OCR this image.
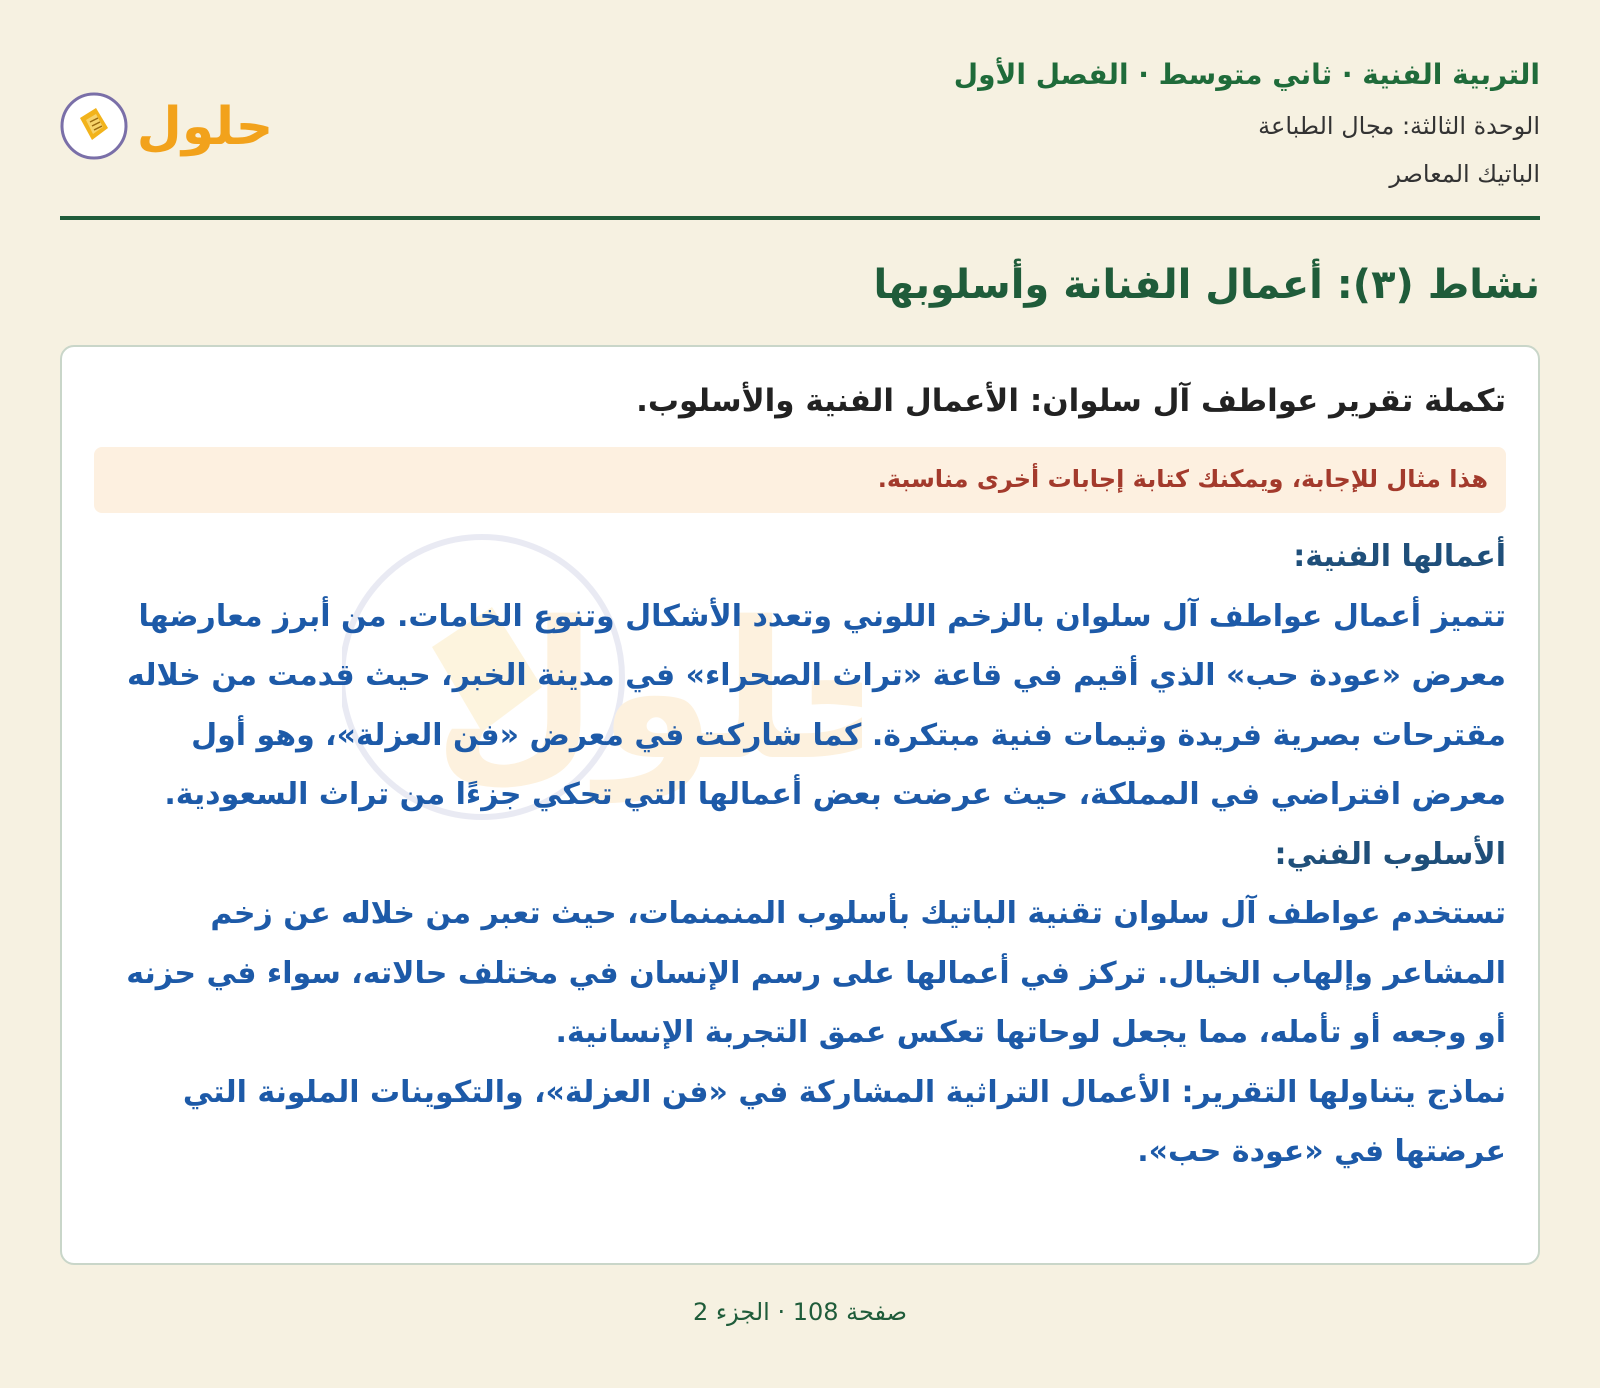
التربية الفنية · ثاني متوسط · الفصل الأول
الوحدة الثالثة: مجال الطباعة
الباتيك المعاصر
حلول
نشاط (٣): أعمال الفنانة وأسلوبها
لول
تكملة تقرير عواطف آل سلوان: الأعمال الفنية والأسلوب.
هذا مثال للإجابة، ويمكنك كتابة إجابات أخرى مناسبة.

أعمالها الفنية:

تتميز أعمال عواطف آل سلوان بالزخم اللوني وتعدد الأشكال وتنوع الخامات. من أبرز معارضها معرض «عودة حب» الذي أقيم في قاعة «تراث الصحراء» في مدينة الخبر، حيث قدمت من خلاله مقترحات بصرية فريدة وثيمات فنية مبتكرة. كما شاركت في معرض «فن العزلة»، وهو أول معرض افتراضي في المملكة، حيث عرضت بعض أعمالها التي تحكي جزءًا من تراث السعودية.

الأسلوب الفني:

تستخدم عواطف آل سلوان تقنية الباتيك بأسلوب المنمنمات، حيث تعبر من خلاله عن زخم المشاعر وإلهاب الخيال. تركز في أعمالها على رسم الإنسان في مختلف حالاته، سواء في حزنه أو وجعه أو تأمله، مما يجعل لوحاتها تعكس عمق التجربة الإنسانية.

نماذج يتناولها التقرير: الأعمال التراثية المشاركة في «فن العزلة»، والتكوينات الملونة التي عرضتها في «عودة حب».

صفحة 108 · الجزء 2
